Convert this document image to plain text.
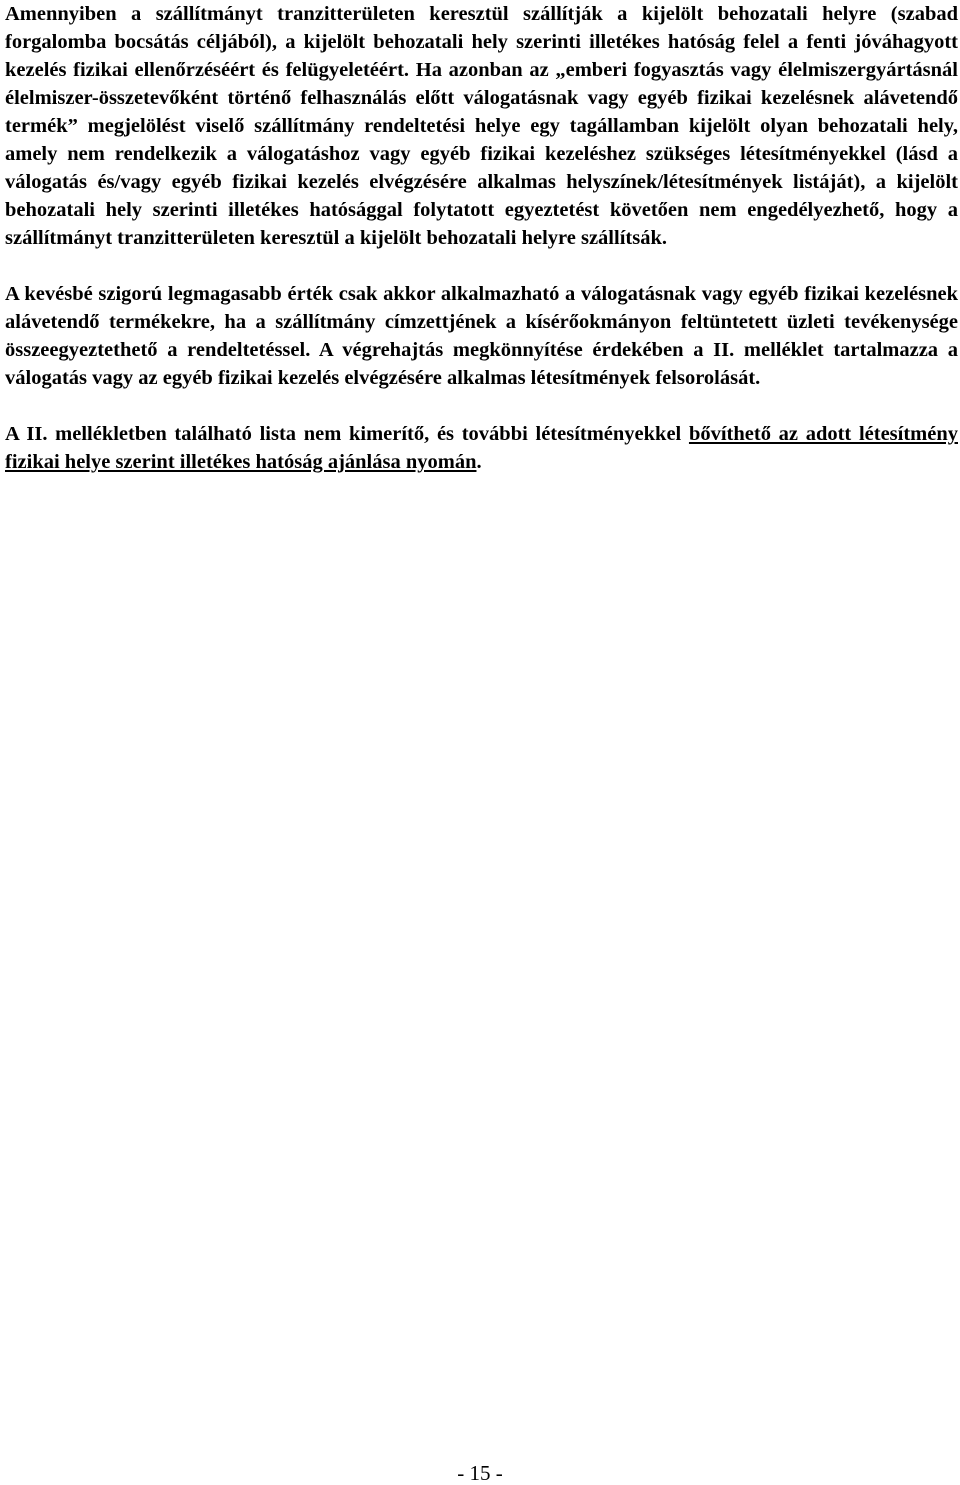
Amennyiben a szállítmányt tranzitterületen keresztül szállítják a kijelölt behozatali helyre (szabad forgalomba bocsátás céljából), a kijelölt behozatali hely szerinti illetékes hatóság felel a fenti jóváhagyott kezelés fizikai ellenőrzéséért és felügyeletéért. Ha azonban az „emberi fogyasztás vagy élelmiszergyártásnál élelmiszer-összetevőként történő felhasználás előtt válogatásnak vagy egyéb fizikai kezelésnek alávetendő termék” megjelölést viselő szállítmány rendeltetési helye egy tagállamban kijelölt olyan behozatali hely, amely nem rendelkezik a válogatáshoz vagy egyéb fizikai kezeléshez szükséges létesítményekkel (lásd a válogatás és/vagy egyéb fizikai kezelés elvégzésére alkalmas helyszínek/létesítmények listáját), a kijelölt behozatali hely szerinti illetékes hatósággal folytatott egyeztetést követően nem engedélyezhető, hogy a szállítmányt tranzitterületen keresztül a kijelölt behozatali helyre szállítsák.

A kevésbé szigorú legmagasabb érték csak akkor alkalmazható a válogatásnak vagy egyéb fizikai kezelésnek alávetendő termékekre, ha a szállítmány címzettjének a kísérőokmányon feltüntetett üzleti tevékenysége összeegyeztethető a rendeltetéssel. A végrehajtás megkönnyítése érdekében a II. melléklet tartalmazza a válogatás vagy az egyéb fizikai kezelés elvégzésére alkalmas létesítmények felsorolását.

A II. mellékletben található lista nem kimerítő, és további létesítményekkel bővíthető az adott létesítmény fizikai helye szerint illetékes hatóság ajánlása nyomán.

- 15 -
